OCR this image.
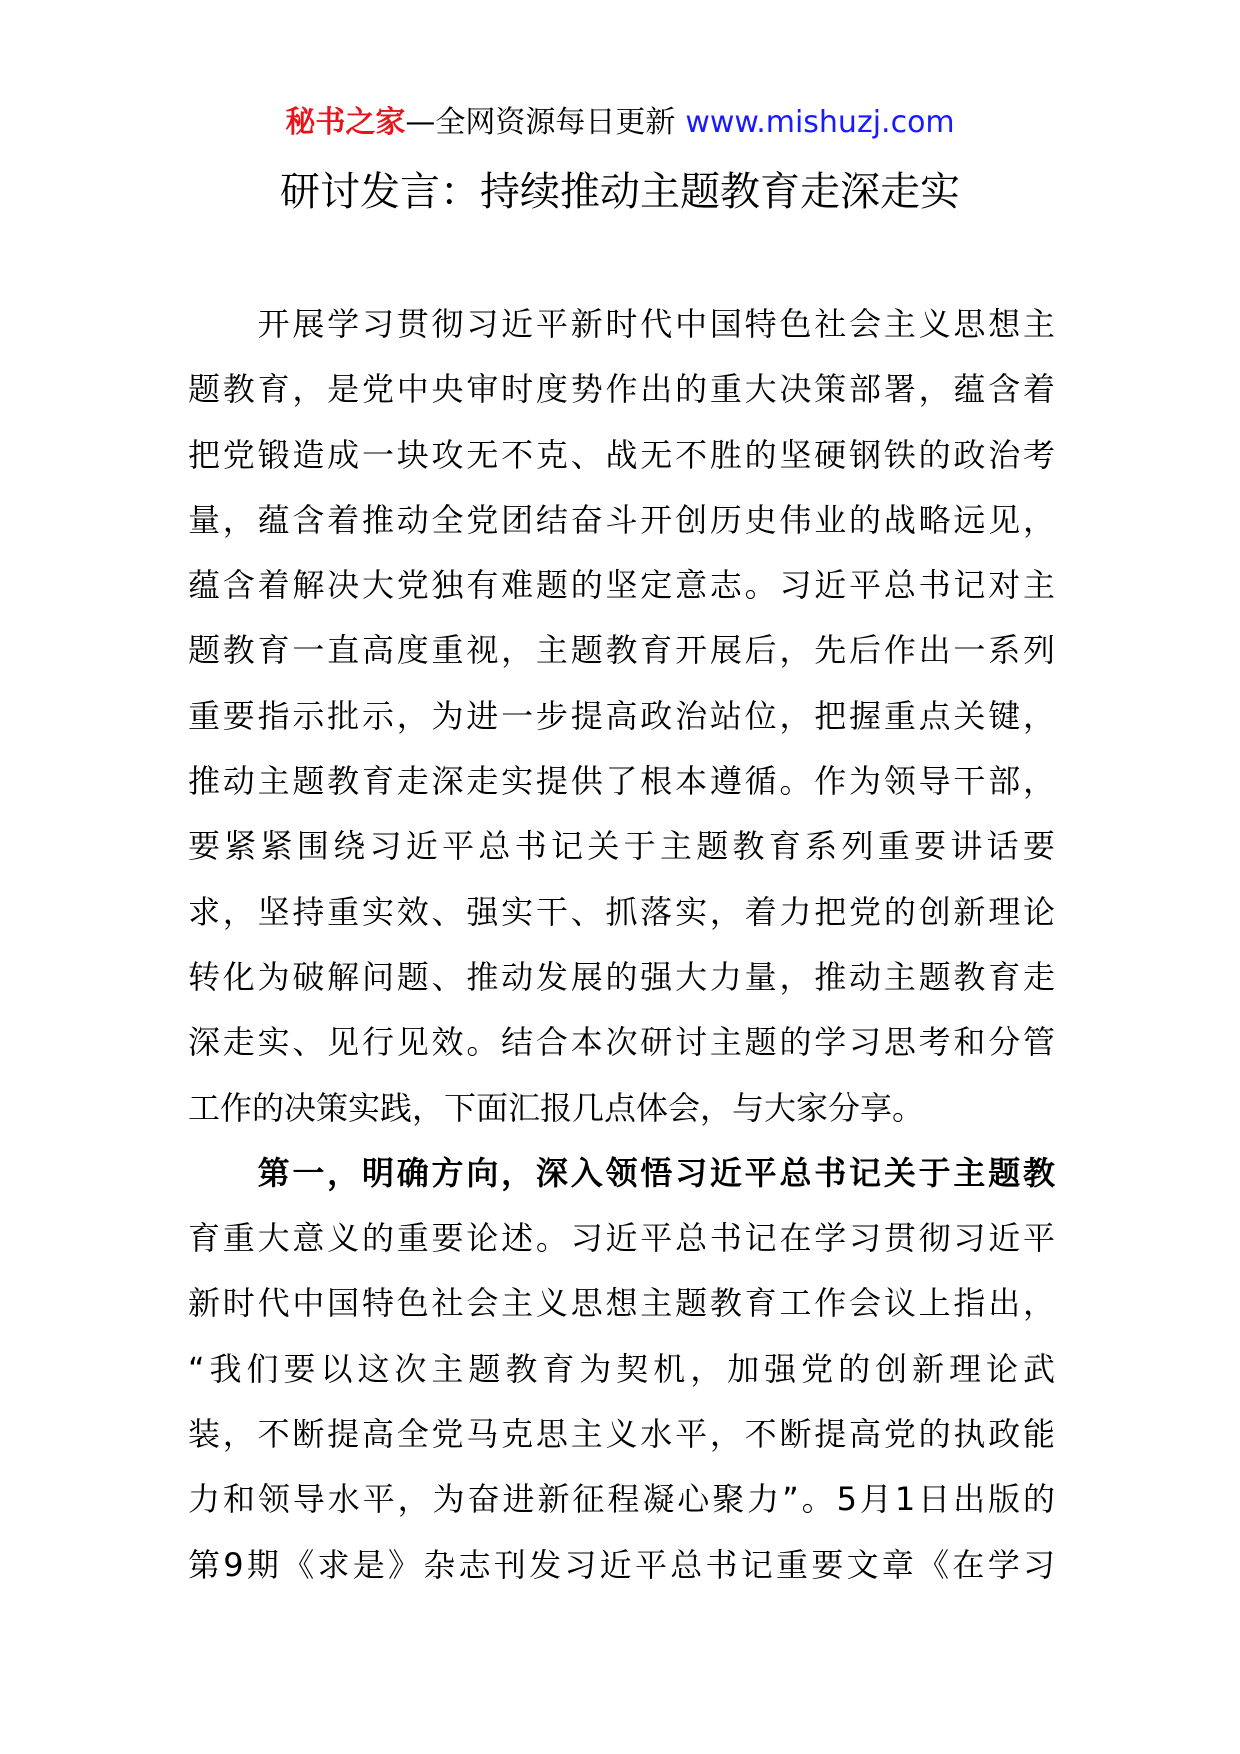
秘书之家—全网资源每日更新 www.mishuzj.com
研讨发言：持续推动主题教育走深走实
　　开展学习贯彻习近平新时代中国特色社会主义思想主
题教育，是党中央审时度势作出的重大决策部署，蕴含着
把党锻造成一块攻无不克、战无不胜的坚硬钢铁的政治考
量，蕴含着推动全党团结奋斗开创历史伟业的战略远见，
蕴含着解决大党独有难题的坚定意志。习近平总书记对主
题教育一直高度重视，主题教育开展后，先后作出一系列
重要指示批示，为进一步提高政治站位，把握重点关键，
推动主题教育走深走实提供了根本遵循。作为领导干部，
要紧紧围绕习近平总书记关于主题教育系列重要讲话要
求，坚持重实效、强实干、抓落实，着力把党的创新理论
转化为破解问题、推动发展的强大力量，推动主题教育走
深走实、见行见效。结合本次研讨主题的学习思考和分管
工作的决策实践，下面汇报几点体会，与大家分享。
　　第一，明确方向，深入领悟习近平总书记关于主题教
育重大意义的重要论述。习近平总书记在学习贯彻习近平
新时代中国特色社会主义思想主题教育工作会议上指出，
“我们要以这次主题教育为契机，加强党的创新理论武
装，不断提高全党马克思主义水平，不断提高党的执政能
力和领导水平，为奋进新征程凝心聚力”。5月1日出版的
第9期《求是》杂志刊发习近平总书记重要文章《在学习
